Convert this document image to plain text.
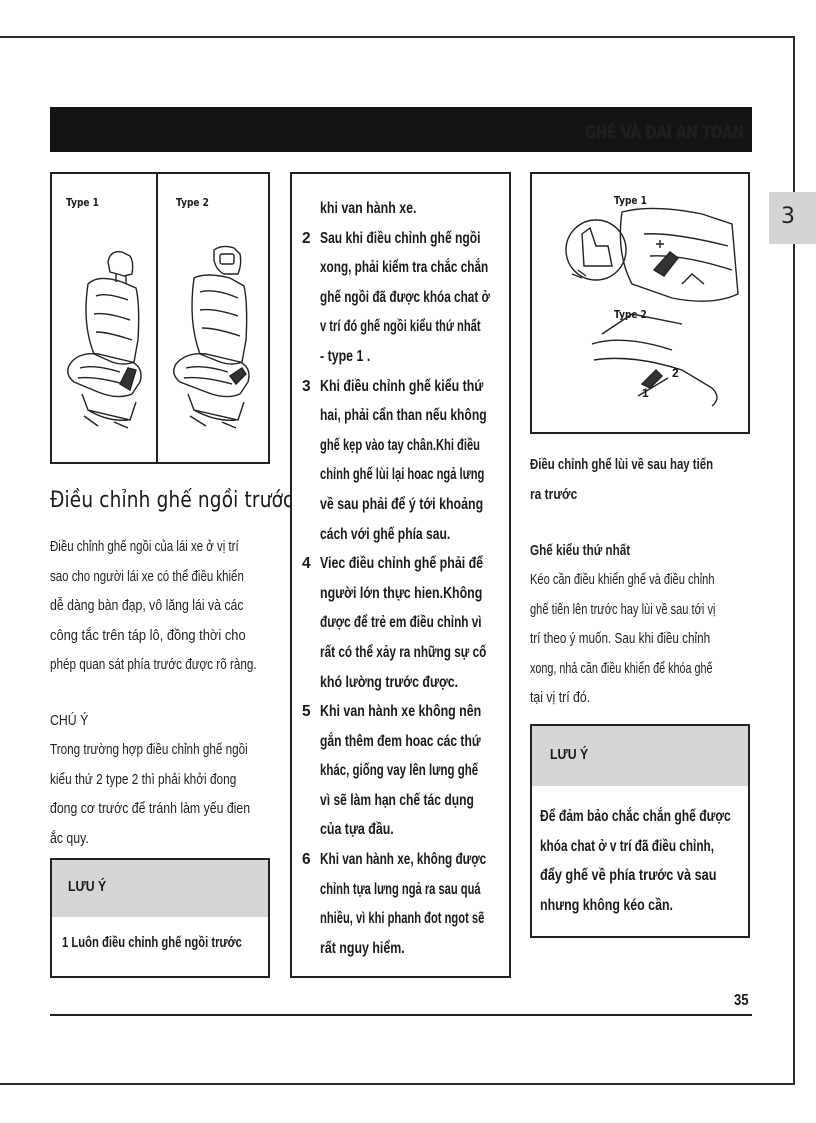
GHẾ VÀ ĐAI AN TOÀN
3
Type 1	Type 2
Điều chỉnh ghế ngồi trước
Điều chỉnh ghế ngồi của lái xe ở vị trí
sao cho người lái xe có thể điều khiển
dễ dàng bàn đạp, vô lăng lái và các
công tắc trên táp lô, đồng thời cho
phép quan sát phía trước được rõ ràng.
CHÚ Ý
Trong trường hợp điều chỉnh ghế ngồi
kiểu thứ 2 type 2 thì phải khởi đong
đong cơ trước để tránh làm yếu đien
ắc quy.
LƯU Ý
1 Luôn điều chỉnh ghế ngồi trước
khi van hành xe.
2 Sau khi điều chỉnh ghế ngồi
xong, phải kiểm tra chắc chắn
ghế ngồi đã được khóa chat ở
v trí đó ghế ngồi kiểu thứ nhất
- type 1 .
3 Khi điều chỉnh ghế kiểu thứ
hai, phải cẩn than nếu không
ghế kẹp vào tay chân.Khi điều
chỉnh ghế lùi lại hoac ngả lưng
về sau phải để ý tới khoảng
cách với ghế phía sau.
4 Viec điều chỉnh ghế phải để
người lớn thực hien.Không
được để trẻ em điều chỉnh vì
rất có thể xảy ra những sự cố
khó lường trước được.
5 Khi van hành xe không nên
gắn thêm đem hoac các thứ
khác, giống vay lên lưng ghế
vì sẽ làm hạn chế tác dụng
của tựa đầu.
6 Khi van hành xe, không được
chỉnh tựa lưng ngả ra sau quá
nhiều, vì khi phanh đot ngot sẽ
rất nguy hiểm.
Type 1
Type 2
1
2
Điều chỉnh ghế lùi về sau hay tiến
ra trước
Ghế kiểu thứ nhất
Kéo cần điều khiển ghế và điều chỉnh
ghế tiến lên trước hay lùi về sau tới vị
trí theo ý muốn. Sau khi điều chỉnh
xong, nhả cần điều khiển để khóa ghế
tại vị trí đó.
LƯU Ý
Để đảm bảo chắc chắn ghế được
khóa chat ở v trí đã điều chỉnh,
đẩy ghế về phía trước và sau
nhưng không kéo cần.
35
